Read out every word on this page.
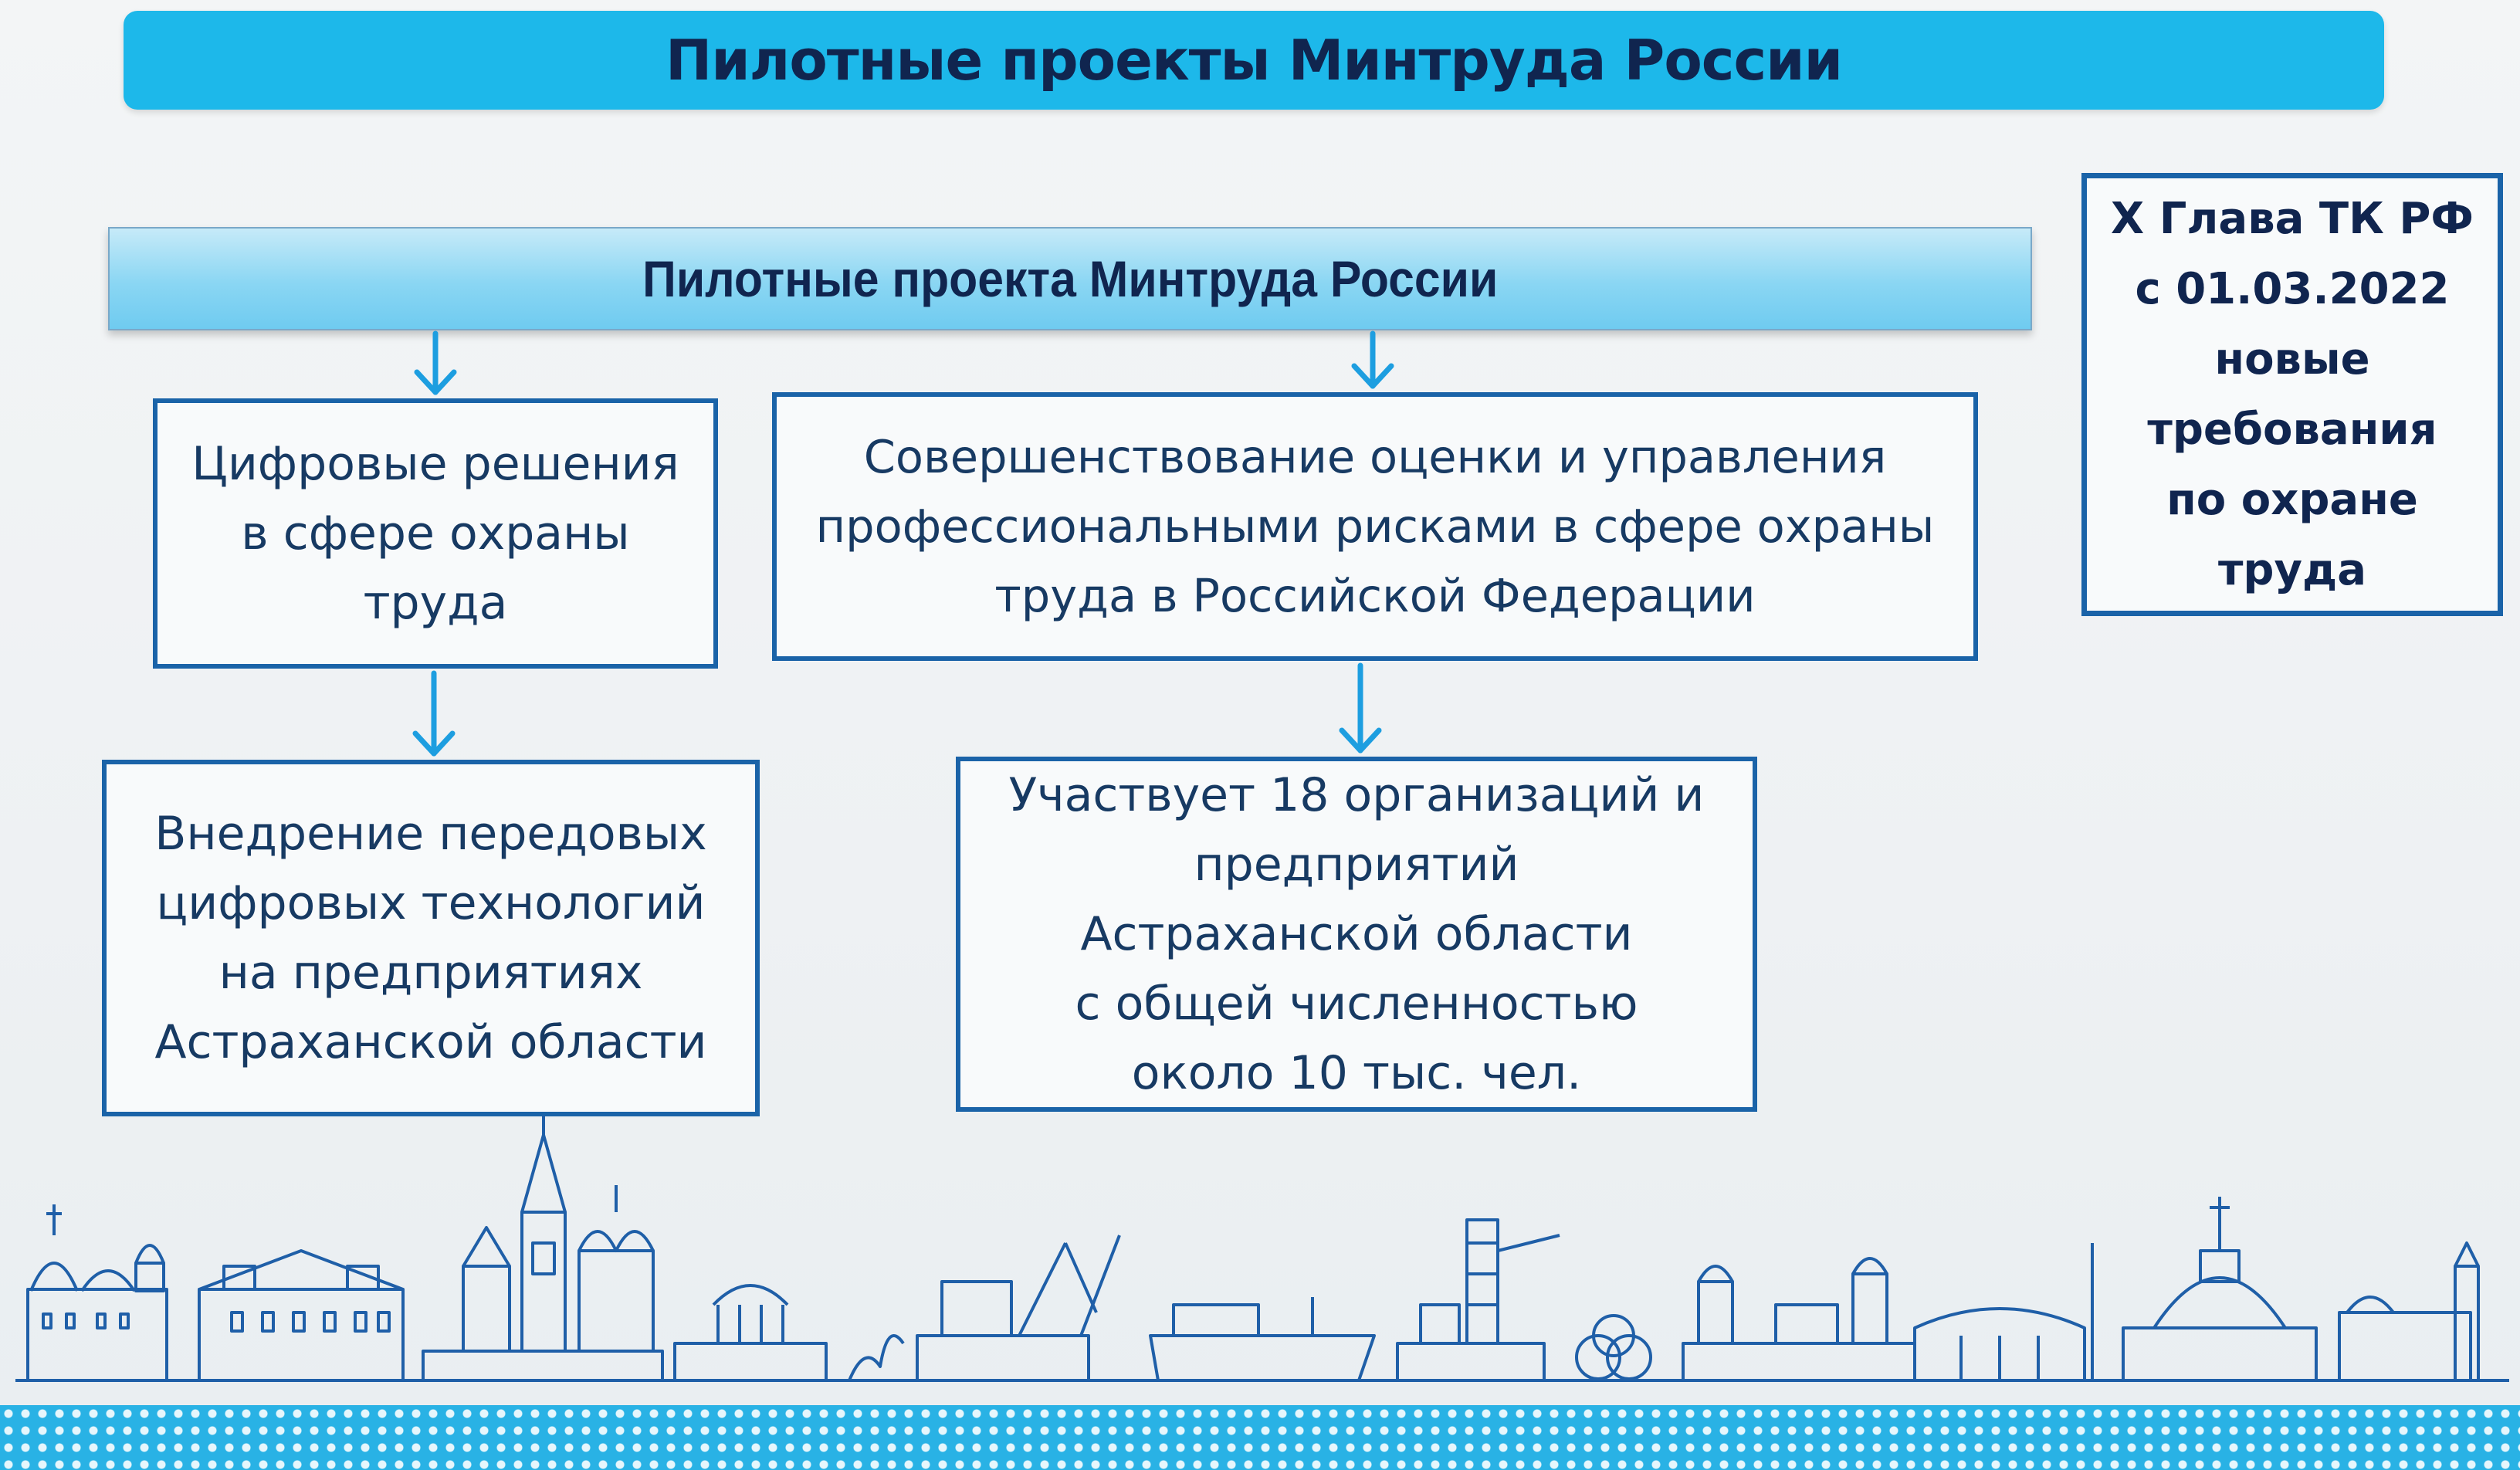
Пилотные проекты Минтруда России
Пилотные проекта Минтруда России
Цифровые решения
в сфере охраны
труда
Совершенствование оценки и управления
профессиональными рисками в сфере охраны
труда в Российской Федерации
Внедрение передовых
цифровых технологий
на предприятиях
Астраханской области
Участвует 18 организаций и
предприятий
Астраханской области
с общей численностью
около 10 тыс. чел.
X Глава ТК РФ
с 01.03.2022
новые
требования
по охране
труда
